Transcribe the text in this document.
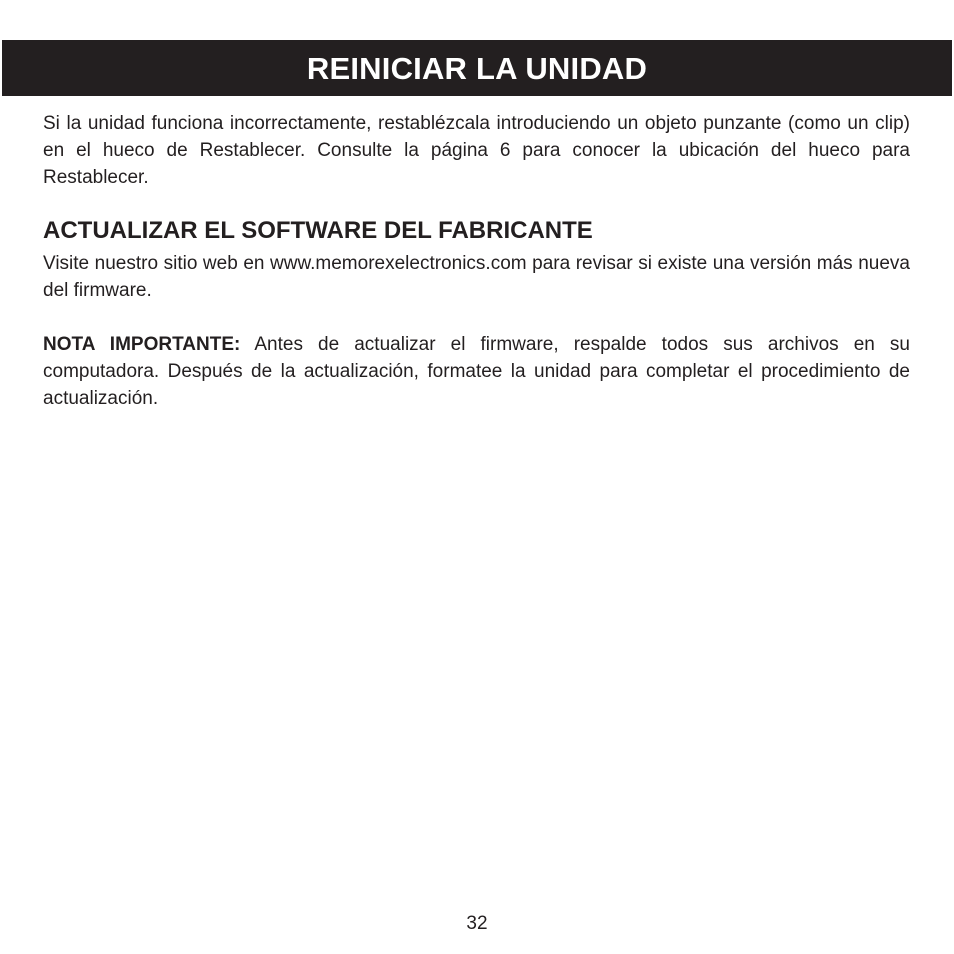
REINICIAR LA UNIDAD

Si la unidad funciona incorrectamente, restablézcala introduciendo un objeto punzante (como un clip) en el hueco de Restablecer. Consulte la página 6 para conocer la ubicación del hueco para Restablecer.

ACTUALIZAR EL SOFTWARE DEL FABRICANTE

Visite nuestro sitio web en www.memorexelectronics.com para revisar si existe una versión más nueva del firmware.

NOTA IMPORTANTE: Antes de actualizar el firmware, respalde todos sus archivos en su computadora. Después de la actualización, formatee la unidad para completar el procedimiento de actualización.

32
